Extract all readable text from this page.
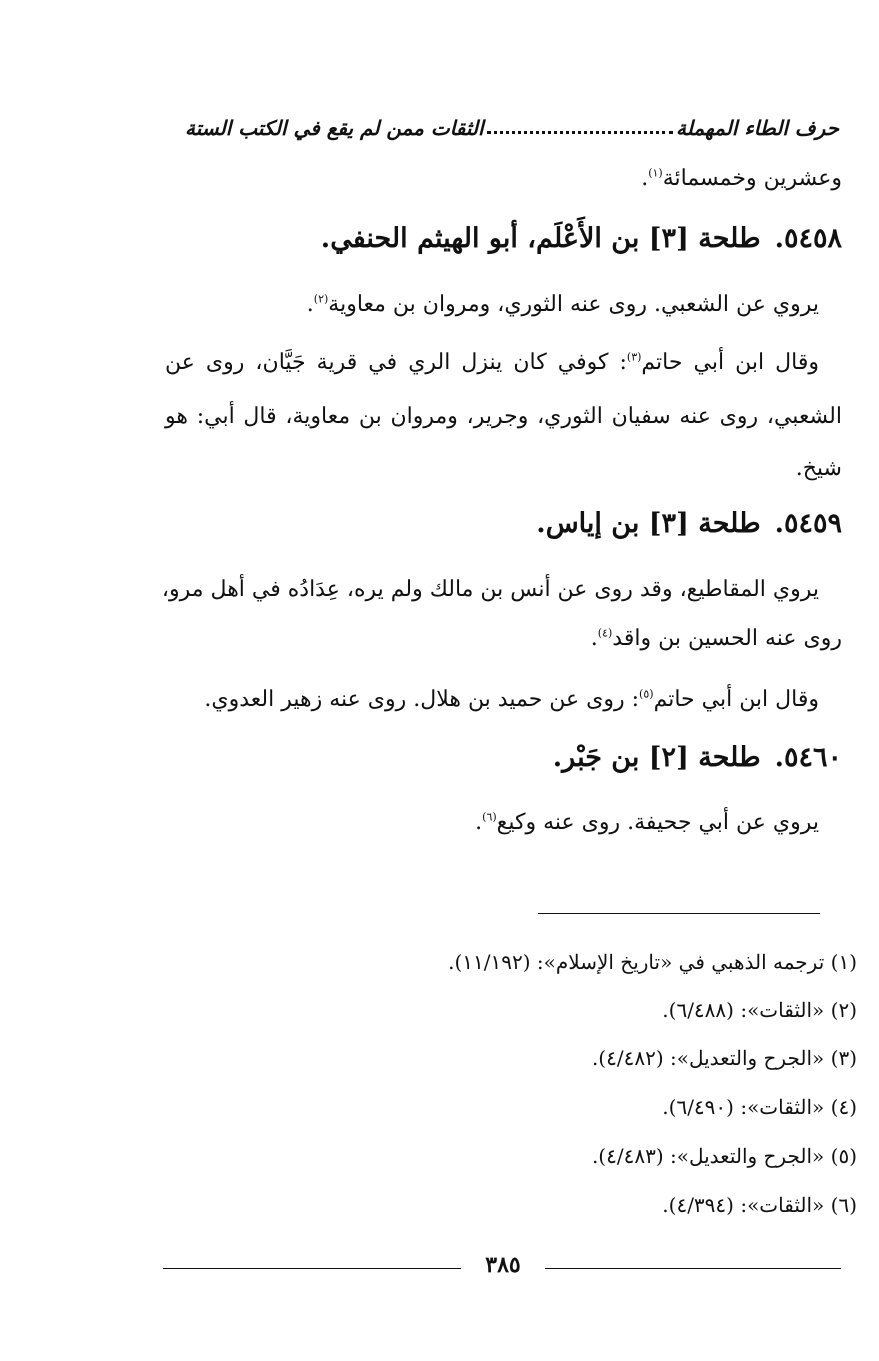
حرف الطاء المهملة
الثقات ممن لم يقع في الكتب الستة
وعشرين وخمسمائة$^{(١)}$.
٥٤٥٨.طلحة [٣] بن الأَعْلَم، أبو الهيثم الحنفي.
يروي عن الشعبي. روى عنه الثوري، ومروان بن معاوية$^{(٢)}$.
وقال ابن أبي حاتم$^{(٣)}$: كوفي كان ينزل الري في قرية جَيَّان، روى عن
الشعبي، روى عنه سفيان الثوري، وجرير، ومروان بن معاوية، قال أبي: هو
شيخ.
٥٤٥٩.طلحة [٣] بن إياس.
يروي المقاطيع، وقد روى عن أنس بن مالك ولم يره، عِدَادُه في أهل مرو،
روى عنه الحسين بن واقد$^{(٤)}$.
وقال ابن أبي حاتم$^{(٥)}$: روى عن حميد بن هلال. روى عنه زهير العدوي.
٥٤٦٠.طلحة [٢] بن جَبْر.
يروي عن أبي جحيفة. روى عنه وكيع$^{(٦)}$.
(١) ترجمه الذهبي في «تاريخ الإسلام»: (١١/١٩٢).
(٢) «الثقات»: (٦/٤٨٨).
(٣) «الجرح والتعديل»: (٤/٤٨٢).
(٤) «الثقات»: (٦/٤٩٠).
(٥) «الجرح والتعديل»: (٤/٤٨٣).
(٦) «الثقات»: (٤/٣٩٤).
٣٨٥
